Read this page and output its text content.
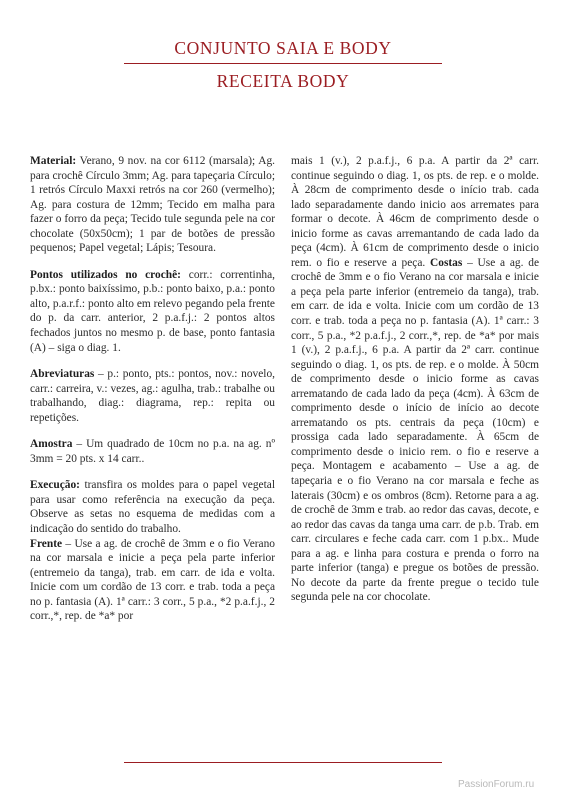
CONJUNTO SAIA E BODY
RECEITA BODY

Material: Verano, 9 nov. na cor 6112 (marsala); Ag. para crochê Círculo 3mm; Ag. para tapeçaria Círculo; 1 retrós Círculo Maxxi retrós na cor 260 (vermelho); Ag. para costura de 12mm; Tecido em malha para fazer o forro da peça; Tecido tule segunda pele na cor chocolate (50x50cm); 1 par de botões de pressão pequenos; Papel vegetal; Lápis; Tesoura.

Pontos utilizados no crochê: corr.: correntinha, p.bx.: ponto baixíssimo, p.b.: ponto baixo, p.a.: ponto alto, p.a.r.f.: ponto alto em relevo pegando pela frente do p. da carr. anterior, 2 p.a.f.j.: 2 pontos altos fechados juntos no mesmo p. de base, ponto fantasia (A) – siga o diag. 1.

Abreviaturas – p.: ponto, pts.: pontos, nov.: novelo, carr.: carreira, v.: vezes, ag.: agulha, trab.: trabalhe ou trabalhando, diag.: diagrama, rep.: repita ou repetições.

Amostra – Um quadrado de 10cm no p.a. na ag. nº 3mm = 20 pts. x 14 carr..

Execução: transfira os moldes para o papel vegetal para usar como referência na execução da peça. Observe as setas no esquema de medidas com a indicação do sentido do trabalho.

Frente – Use a ag. de crochê de 3mm e o fio Verano na cor marsala e inicie a peça pela parte inferior (entremeio da tanga), trab. em carr. de ida e volta. Inicie com um cordão de 13 corr. e trab. toda a peça no p. fantasia (A). 1ª carr.: 3 corr., 5 p.a., *2 p.a.f.j., 2 corr.,*, rep. de *a* por

mais 1 (v.), 2 p.a.f.j., 6 p.a. A partir da 2ª carr. continue seguindo o diag. 1, os pts. de rep. e o molde. À 28cm de comprimento desde o início trab. cada lado separadamente dando inicio aos arremates para formar o decote. À 46cm de comprimento desde o inicio forme as cavas arremantando de cada lado da peça (4cm). À 61cm de comprimento desde o inicio rem. o fio e reserve a peça. Costas – Use a ag. de crochê de 3mm e o fio Verano na cor marsala e inicie a peça pela parte inferior (entremeio da tanga), trab. em carr. de ida e volta. Inicie com um cordão de 13 corr. e trab. toda a peça no p. fantasia (A). 1ª carr.: 3 corr., 5 p.a., *2 p.a.f.j., 2 corr.,*, rep. de *a* por mais 1 (v.), 2 p.a.f.j., 6 p.a. A partir da 2ª carr. continue seguindo o diag. 1, os pts. de rep. e o molde. À 50cm de comprimento desde o inicio forme as cavas arrematando de cada lado da peça (4cm). À 63cm de comprimento desde o início de início ao decote arrematando os pts. centrais da peça (10cm) e prossiga cada lado separadamente. À 65cm de comprimento desde o inicio rem. o fio e reserve a peça. Montagem e acabamento – Use a ag. de tapeçaria e o fio Verano na cor marsala e feche as laterais (30cm) e os ombros (8cm). Retorne para a ag. de crochê de 3mm e trab. ao redor das cavas, decote, e ao redor das cavas da tanga uma carr. de p.b. Trab. em carr. circulares e feche cada carr. com 1 p.bx.. Mude para a ag. e linha para costura e prenda o forro na parte inferior (tanga) e pregue os botões de pressão. No decote da parte da frente pregue o tecido tule segunda pele na cor chocolate.

PassionForum.ru
